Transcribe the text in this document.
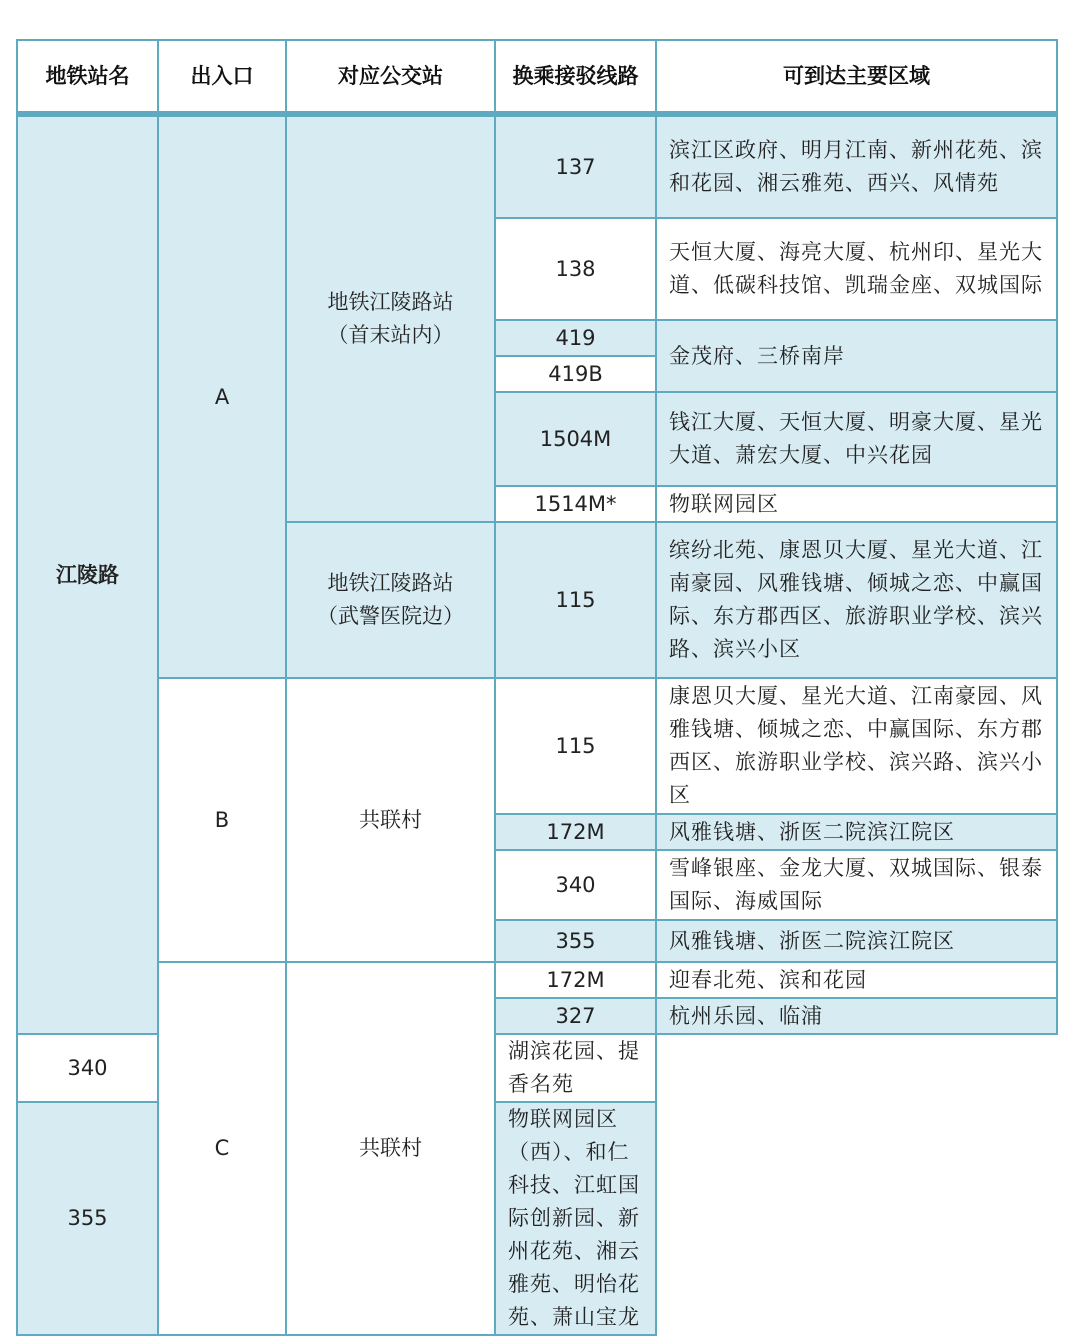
地铁站名	出入口	对应公交站	换乘接驳线路	可到达主要区域
江陵路	A	地铁江陵路站（首末站内）	137	滨江区政府、明月江南、新州花苑、滨和花园、湘云雅苑、西兴、风情苑
			138	天恒大厦、海亮大厦、杭州印、星光大道、低碳科技馆、凯瑞金座、双城国际
			419	金茂府、三桥南岸
			419B	
			1504M	钱江大厦、天恒大厦、明豪大厦、星光大道、萧宏大厦、中兴花园
			1514M*	物联网园区
		地铁江陵路站（武警医院边）	115	缤纷北苑、康恩贝大厦、星光大道、江南豪园、风雅钱塘、倾城之恋、中赢国际、东方郡西区、旅游职业学校、滨兴路、滨兴小区
	B	共联村	115	康恩贝大厦、星光大道、江南豪园、风雅钱塘、倾城之恋、中赢国际、东方郡西区、旅游职业学校、滨兴路、滨兴小区
			172M	风雅钱塘、浙医二院滨江院区
			340	雪峰银座、金龙大厦、双城国际、银泰国际、海威国际
			355	风雅钱塘、浙医二院滨江院区
	C	共联村	172M	迎春北苑、滨和花园
			327	杭州乐园、临浦
340			湖滨花园、提香名苑	
355			物联网园区（西）、和仁科技、江虹国际创新园、新州花苑、湘云雅苑、明怡花苑、萧山宝龙	
